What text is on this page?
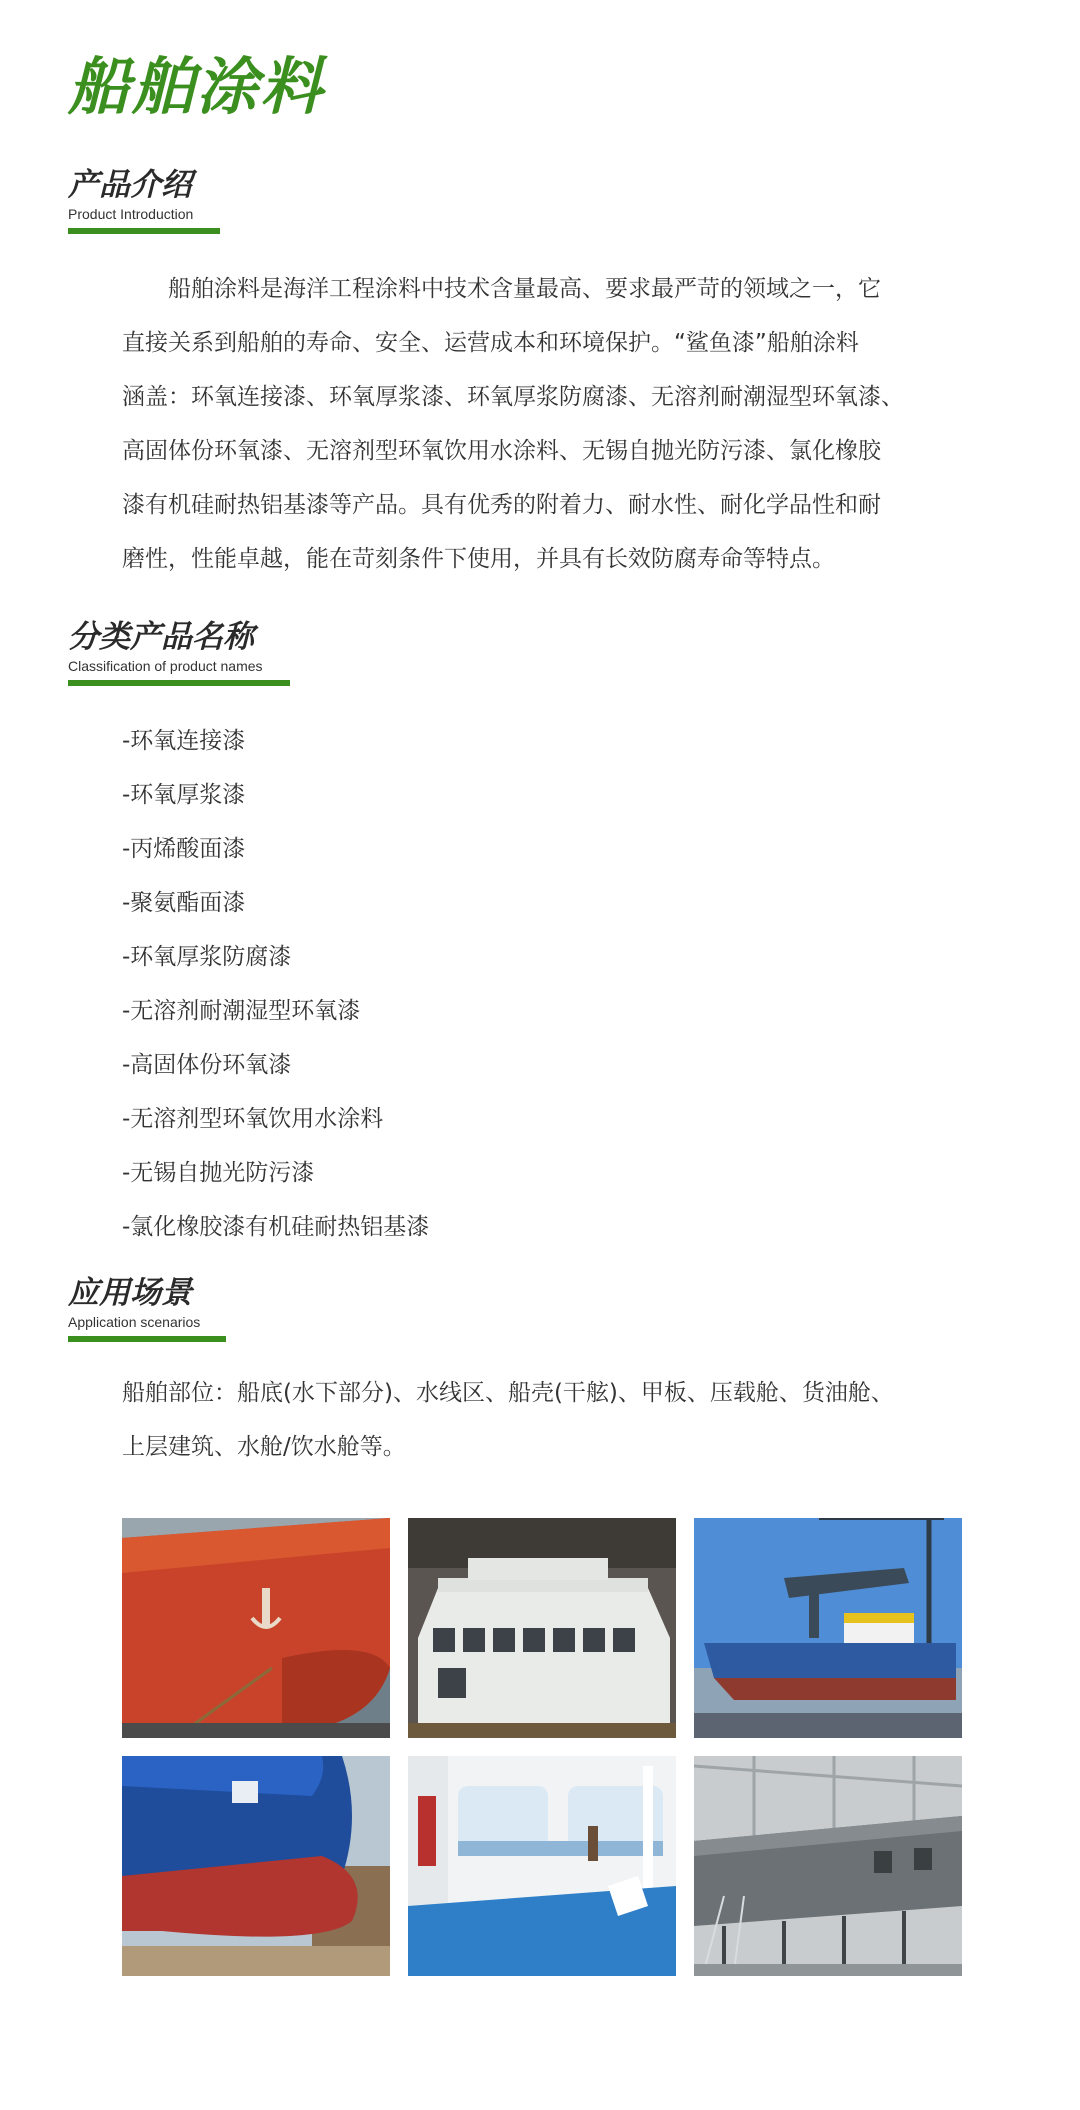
船舶涂料
产品介绍
Product Introduction
船舶涂料是海洋工程涂料中技术含量最高、要求最严苛的领域之一，它
直接关系到船舶的寿命、安全、运营成本和环境保护。“鲨鱼漆”船舶涂料
涵盖：环氧连接漆、环氧厚浆漆、环氧厚浆防腐漆、无溶剂耐潮湿型环氧漆、
高固体份环氧漆、无溶剂型环氧饮用水涂料、无锡自抛光防污漆、氯化橡胶
漆有机硅耐热铝基漆等产品。具有优秀的附着力、耐水性、耐化学品性和耐
磨性，性能卓越，能在苛刻条件下使用，并具有长效防腐寿命等特点。
分类产品名称
Classification of product names
-环氧连接漆
-环氧厚浆漆
-丙烯酸面漆
-聚氨酯面漆
-环氧厚浆防腐漆
-无溶剂耐潮湿型环氧漆
-高固体份环氧漆
-无溶剂型环氧饮用水涂料
-无锡自抛光防污漆
-氯化橡胶漆有机硅耐热铝基漆
应用场景
Application scenarios
船舶部位：船底(水下部分)、水线区、船壳(干舷)、甲板、压载舱、货油舱、
上层建筑、水舱/饮水舱等。
